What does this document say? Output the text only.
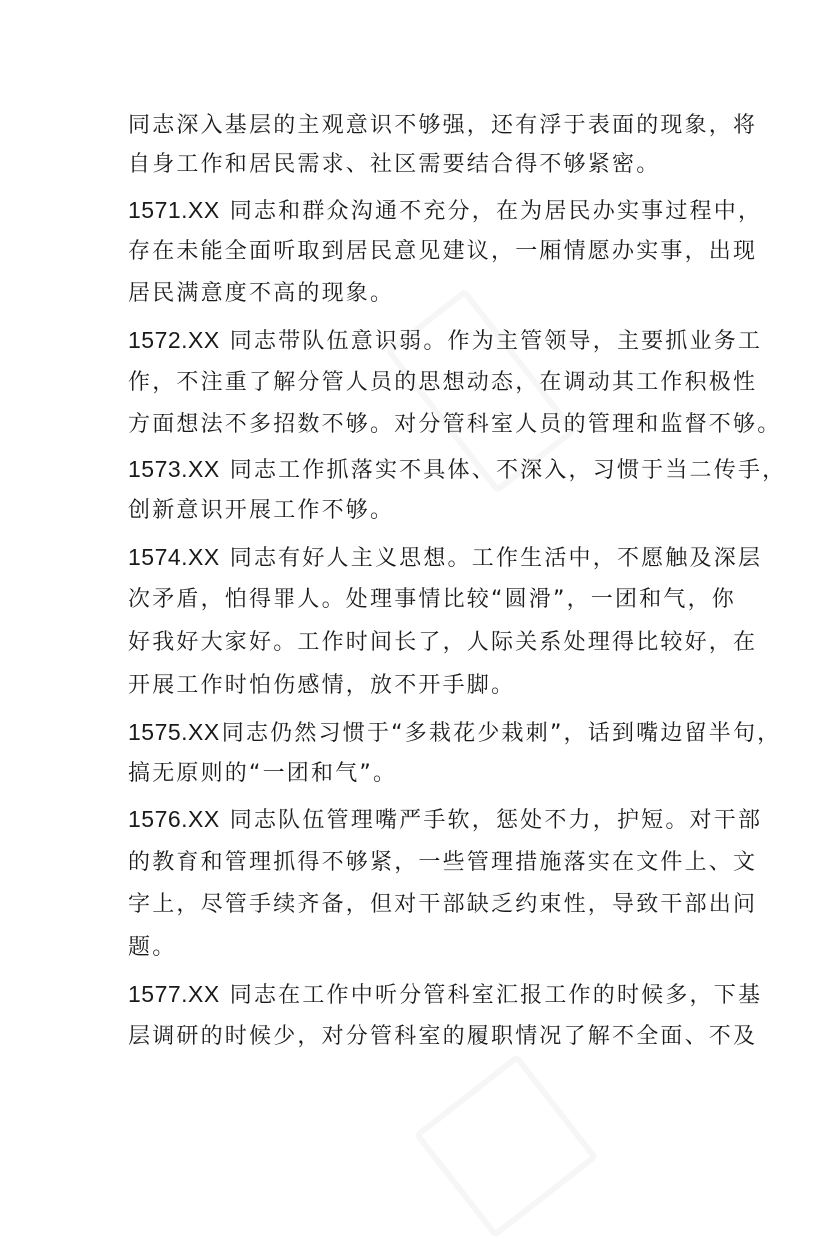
同志深入基层的主观意识不够强，还有浮于表面的现象，将
自身工作和居民需求、社区需要结合得不够紧密。
1571.XX 同志和群众沟通不充分，在为居民办实事过程中，
存在未能全面听取到居民意见建议，一厢情愿办实事，出现
居民满意度不高的现象。
1572.XX 同志带队伍意识弱。作为主管领导，主要抓业务工
作，不注重了解分管人员的思想动态，在调动其工作积极性
方面想法不多招数不够。对分管科室人员的管理和监督不够。
1573.XX 同志工作抓落实不具体、不深入，习惯于当二传手，
创新意识开展工作不够。
1574.XX 同志有好人主义思想。工作生活中，不愿触及深层
次矛盾，怕得罪人。处理事情比较“圆滑”，一团和气，你
好我好大家好。工作时间长了，人际关系处理得比较好，在
开展工作时怕伤感情，放不开手脚。
1575.XX同志仍然习惯于“多栽花少栽刺”，话到嘴边留半句，
搞无原则的“一团和气”。
1576.XX 同志队伍管理嘴严手软，惩处不力，护短。对干部
的教育和管理抓得不够紧，一些管理措施落实在文件上、文
字上，尽管手续齐备，但对干部缺乏约束性，导致干部出问
题。
1577.XX 同志在工作中听分管科室汇报工作的时候多，下基
层调研的时候少，对分管科室的履职情况了解不全面、不及
